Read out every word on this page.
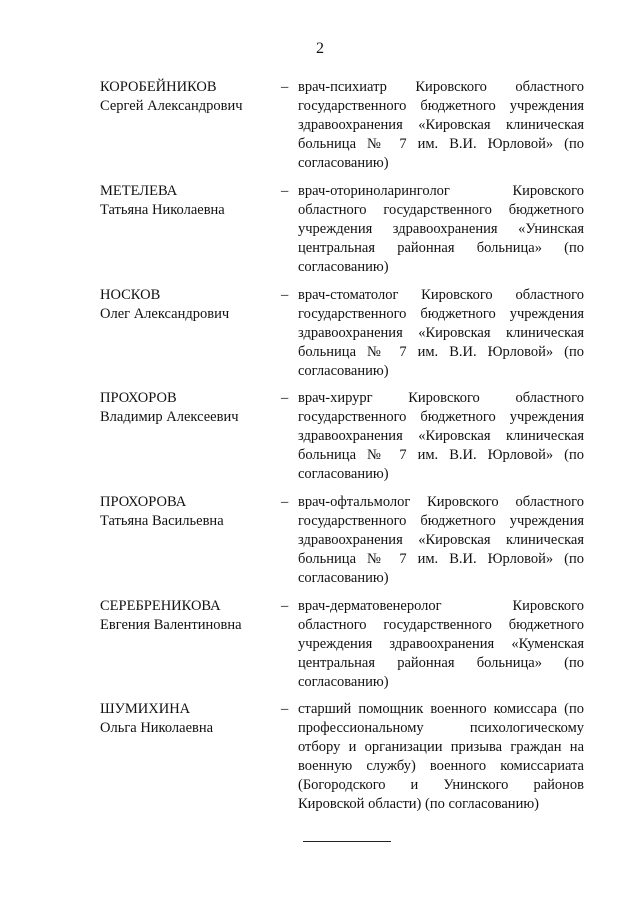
2
КОРОБЕЙНИКОВ
Сергей Александрович
– врач-психиатр Кировского областного государственного бюджетного учреждения здравоохранения «Кировская клиническая больница № 7 им. В.И. Юрловой» (по согласованию)
МЕТЕЛЕВА
Татьяна Николаевна
– врач-оториноларинголог Кировского областного государственного бюджетного учреждения здравоохранения «Унинская центральная районная больница» (по согласованию)
НОСКОВ
Олег Александрович
– врач-стоматолог Кировского областного государственного бюджетного учреждения здравоохранения «Кировская клиническая больница № 7 им. В.И. Юрловой» (по согласованию)
ПРОХОРОВ
Владимир Алексеевич
– врач-хирург Кировского областного государственного бюджетного учреждения здравоохранения «Кировская клиническая больница № 7 им. В.И. Юрловой» (по согласованию)
ПРОХОРОВА
Татьяна Васильевна
– врач-офтальмолог Кировского областного государственного бюджетного учреждения здравоохранения «Кировская клиническая больница № 7 им. В.И. Юрловой» (по согласованию)
СЕРЕБРЕНИКОВА
Евгения Валентиновна
– врач-дерматовенеролог Кировского областного государственного бюджетного учреждения здравоохранения «Куменская центральная районная больница» (по согласованию)
ШУМИХИНА
Ольга Николаевна
– старший помощник военного комиссара (по профессиональному психологическому отбору и организации призыва граждан на военную службу) военного комиссариата (Богородского и Унинского районов Кировской области) (по согласованию)
